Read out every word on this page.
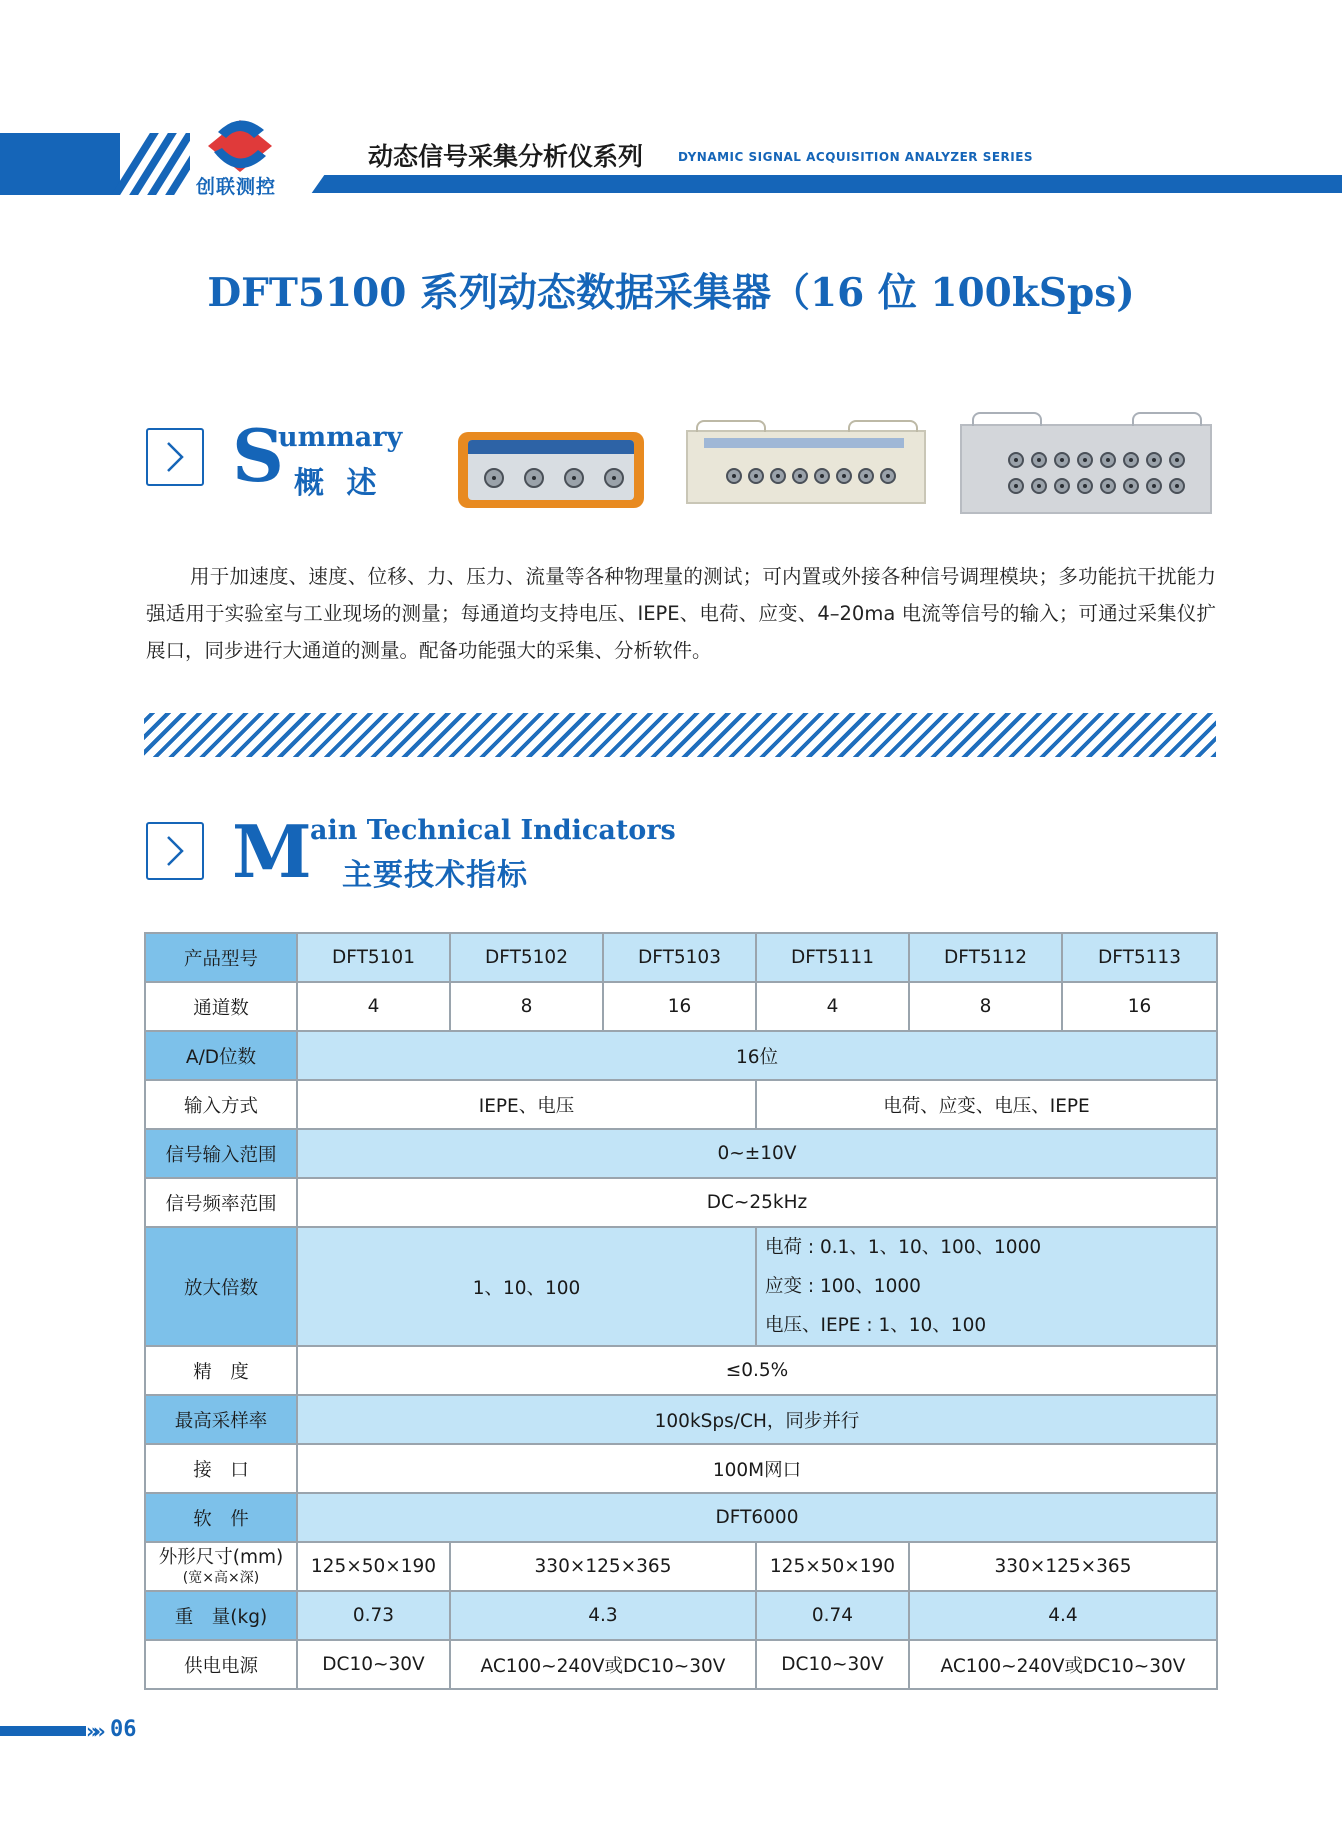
创联测控
动态信号采集分析仪系列	DYNAMIC SIGNAL ACQUISITION ANALYZER SERIES
DFT5100 系列动态数据采集器（16 位 100kSps)
S
ummary
概 述
用于加速度、速度、位移、力、压力、流量等各种物理量的测试；可内置或外接各种信号调理模块；多功能抗干扰能力强适用于实验室与工业现场的测量；每通道均支持电压、IEPE、电荷、应变、4–20ma 电流等信号的输入；可通过采集仪扩展口，同步进行大通道的测量。配备功能强大的采集、分析软件。
M
ain Technical Indicators
主要技术指标
产品型号	DFT5101	DFT5102	DFT5103	DFT5111	DFT5112	DFT5113
通道数	4	8	16	4	8	16
A/D位数	16位					
输入方式	IEPE、电压			电荷、应变、电压、IEPE		
信号输入范围	0~±10V					
信号频率范围	DC~25kHz					
放大倍数	1、10、100			电荷 : 0.1、1、10、100、1000
应变 : 100、1000
电压、IEPE : 1、10、100		

精　度	≤0.5%					
最高采样率	100kSps/CH，同步并行					
接　口	100M网口					
软　件	DFT6000					

外形尺寸(mm)
(宽×高×深)	125×50×190	330×125×365		125×50×190	330×125×365	
重　量(kg)	0.73	4.3		0.74	4.4	
供电电源	DC10~30V	AC100~240V或DC10~30V		DC10~30V	AC100~240V或DC10~30V	
»» 06
